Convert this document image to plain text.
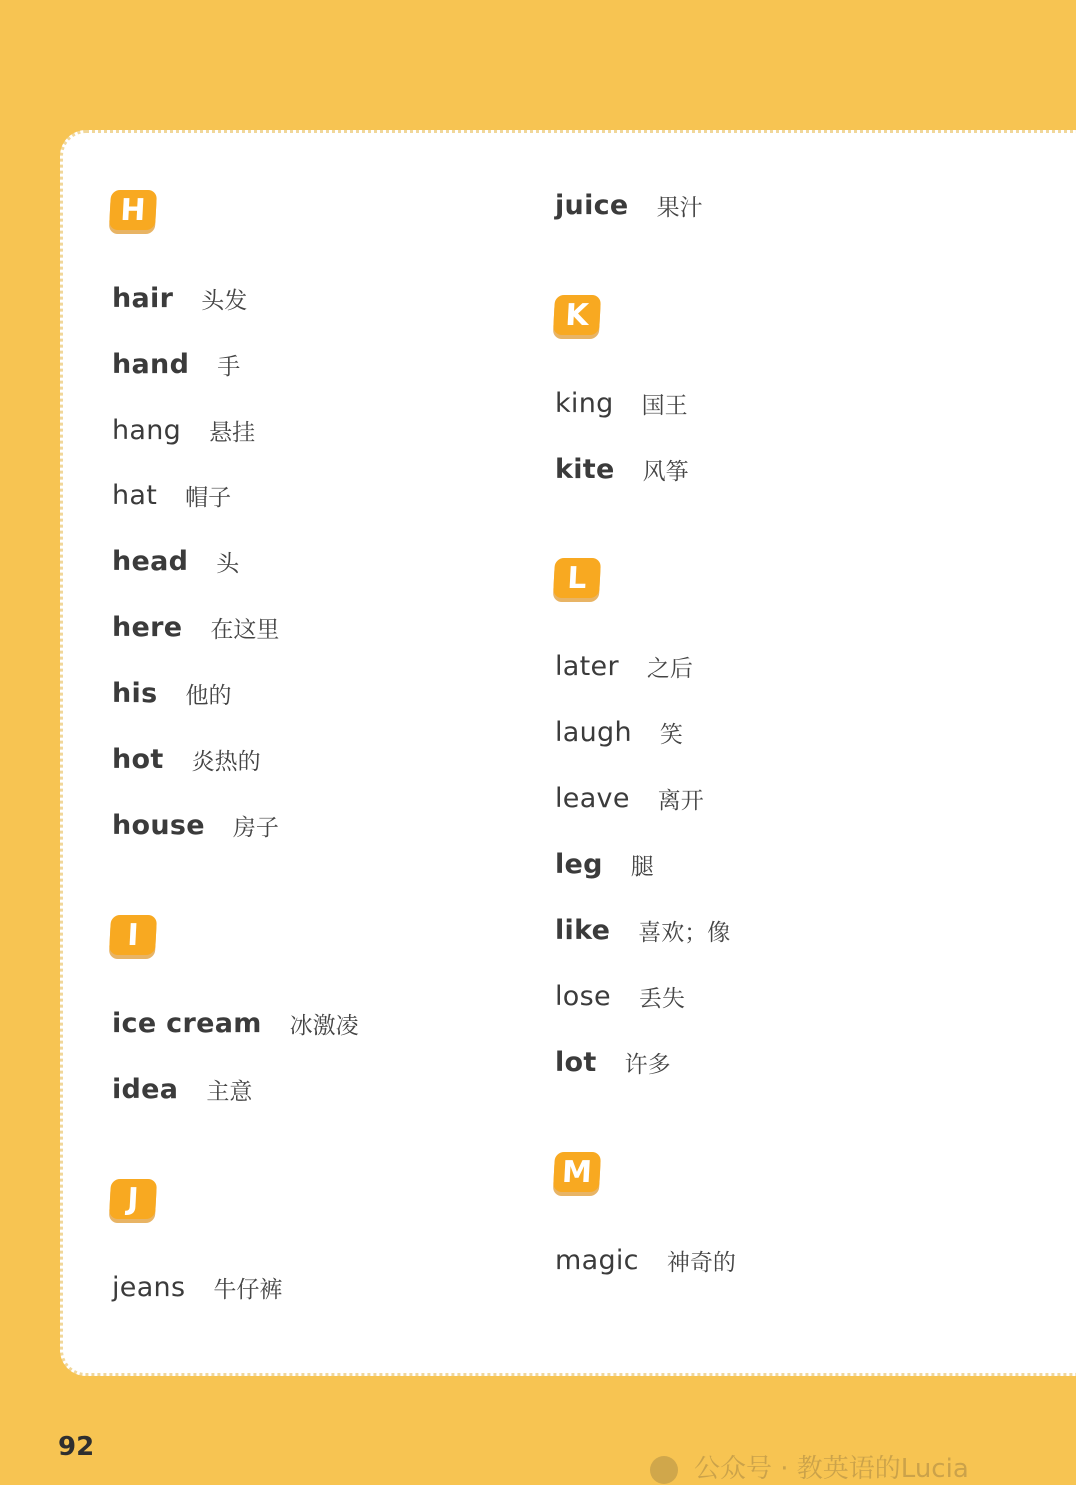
H
hair 头发
hand 手
hang 悬挂
hat 帽子
head 头
here 在这里
his 他的
hot 炎热的
house 房子
I
ice cream 冰激凌
idea 主意
J
jeans 牛仔裤
juice 果汁
K
king 国王
kite 风筝
L
later 之后
laugh 笑
leave 离开
leg 腿
like 喜欢；像
lose 丢失
lot 许多
M
magic 神奇的
92
公众号 · 教英语的Lucia
